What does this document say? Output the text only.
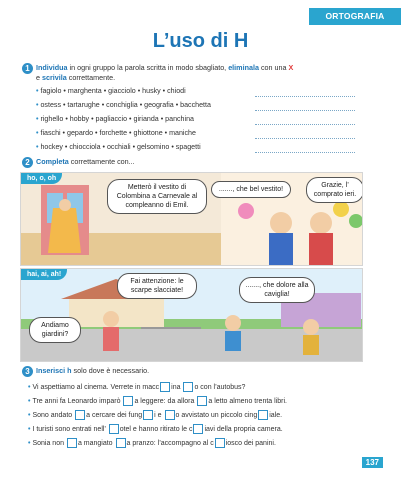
ORTOGRAFIA
L’uso di H
1 Individua in ogni gruppo la parola scritta in modo sbagliato, eliminala con una X
e scrivila correttamente.
• fagiolo • marghenta • giacciolo • husky • chiodi
• ostess • tartarughe • conchiglia • geografia • bacchetta
• righello • hobby • pagliaccio • girianda • panchina
• fiaschi • gepardo • forchette • ghiottone • maniche
• hockey • chiocciola • occhiali • gelsomino • spagetti
2 Completa correttamente con...
ho, o, oh
Metterò il vestito di Colombina a Carnevale al compleanno di Emil.
......., che bel vestito!
Grazie, l’ comprato ieri.
hai, ai, ah!
Fai attenzione: le scarpe slacciate!
......., che dolore alla caviglia!
Andiamo giardini?
3 Inserisci h solo dove è necessario.
• Vi aspettiamo al cinema. Verrete in macc ina o con l’autobus?
• Tre anni fa Leonardo imparò a leggere: da allora a letto almeno trenta libri.
• Sono andato a cercare dei fung i e o avvistato un piccolo cing iale.
• I turisti sono entrati nell’ otel e hanno ritirato le c iavi della propria camera.
• Sonia non a mangiato a pranzo: l’accompagno al c iosco dei panini.
137
